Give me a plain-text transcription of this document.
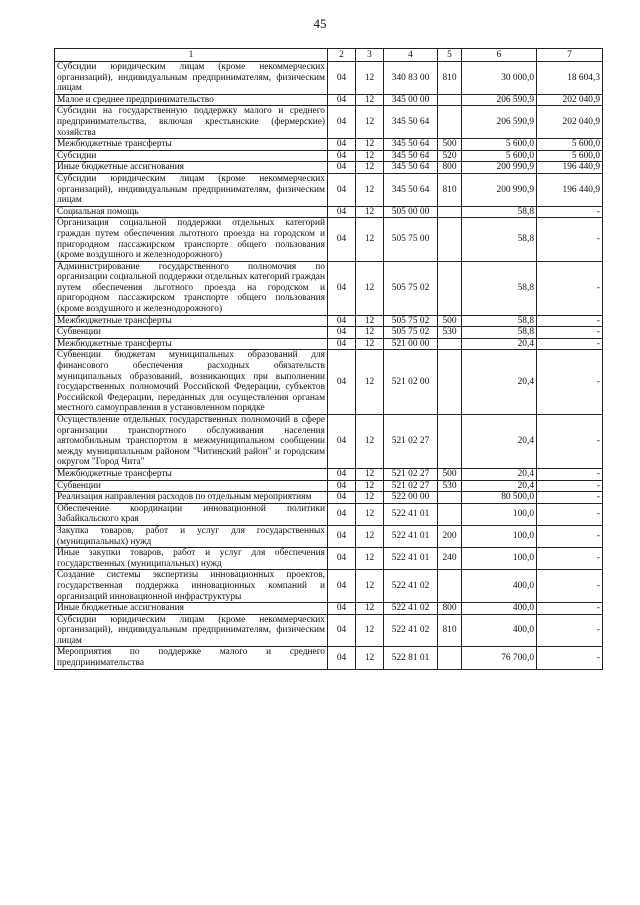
45
1	2	3	4	5	6	7
Субсидии юридическим лицам (кроме некоммерческих организаций), индивидуальным предпринимателям, физическим лицам	04	12	340 83 00	810	30 000,0	18 604,3
Малое и среднее предпринимательство	04	12	345 00 00		206 590,9	202 040,9
Субсидии на государственную поддержку малого и среднего предпринимательства, включая крестьянские (фермерские) хозяйства	04	12	345 50 64		206 590,9	202 040,9
Межбюджетные трансферты	04	12	345 50 64	500	5 600,0	5 600,0
Субсидии	04	12	345 50 64	520	5 600,0	5 600,0
Иные бюджетные ассигнования	04	12	345 50 64	800	200 990,9	196 440,9
Субсидии юридическим лицам (кроме некоммерческих организаций), индивидуальным предпринимателям, физическим лицам	04	12	345 50 64	810	200 990,9	196 440,9
Социальная помощь	04	12	505 00 00		58,8	-
Организация социальной поддержки отдельных категорий граждан путем обеспечения льготного проезда на городском и пригородном пассажирском транспорте общего пользования (кроме воздушного и железнодорожного)	04	12	505 75 00		58,8	-
Администрирование государственного полномочия по организации социальной поддержки отдельных категорий граждан путем обеспечения льготного проезда на городском и пригородном пассажирском транспорте общего пользования (кроме воздушного и железнодорожного)	04	12	505 75 02		58,8	-
Межбюджетные трансферты	04	12	505 75 02	500	58,8	-
Субвенции	04	12	505 75 02	530	58,8	-
Межбюджетные трансферты	04	12	521 00 00		20,4	-
Субвенции бюджетам муниципальных образований для финансового обеспечения расходных обязательств муниципальных образований, возникающих при выполнении государственных полномочий Российской Федерации, субъектов Российской Федерации, переданных для осуществления органам местного самоуправления в установленном порядке	04	12	521 02 00		20,4	-
Осуществление отдельных государственных полномочий в сфере организации транспортного обслуживания населения автомобильным транспортом в межмуниципальном сообщении между муниципальным районом "Читинский район" и городским округом "Город Чита"	04	12	521 02 27		20,4	-
Межбюджетные трансферты	04	12	521 02 27	500	20,4	-
Субвенции	04	12	521 02 27	530	20,4	-
Реализация направления расходов по отдельным мероприятиям	04	12	522 00 00		80 500,0	-
Обеспечение координации инновационной политики Забайкальского края	04	12	522 41 01		100,0	-
Закупка товаров, работ и услуг для государственных (муниципальных) нужд	04	12	522 41 01	200	100,0	-
Иные закупки товаров, работ и услуг для обеспечения государственных (муниципальных) нужд	04	12	522 41 01	240	100,0	-
Создание системы экспертизы инновационных проектов, государственная поддержка инновационных компаний и организаций инновационной инфраструктуры	04	12	522 41 02		400,0	-
Иные бюджетные ассигнования	04	12	522 41 02	800	400,0	-
Субсидии юридическим лицам (кроме некоммерческих организаций), индивидуальным предпринимателям, физическим лицам	04	12	522 41 02	810	400,0	-
Мероприятия по поддержке малого и среднего предпринимательства	04	12	522 81 01		76 700,0	-
